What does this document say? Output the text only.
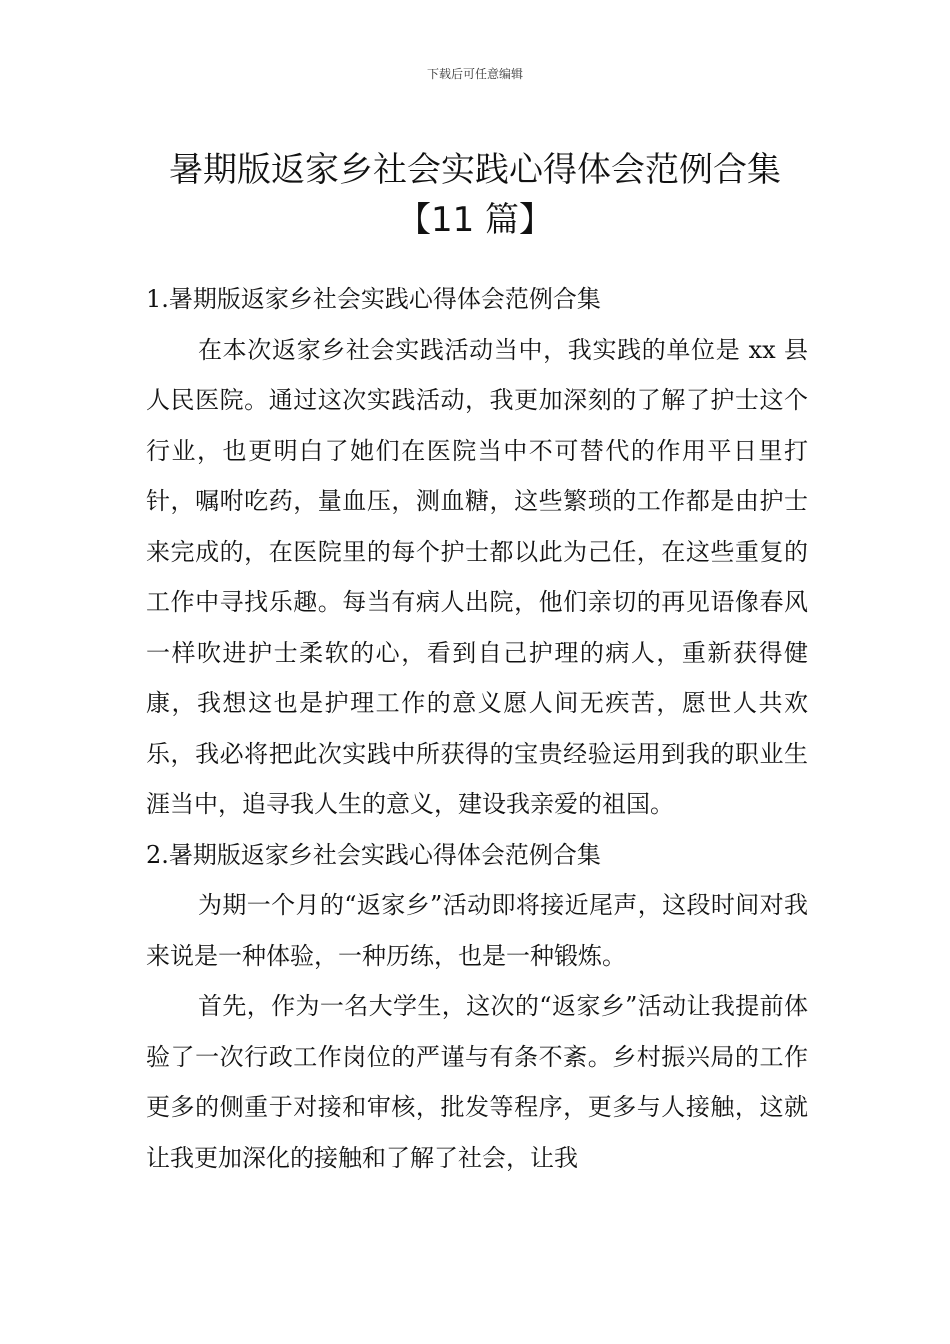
下载后可任意编辑
暑期版返家乡社会实践心得体会范例合集
【11 篇】

1.暑期版返家乡社会实践心得体会范例合集

在本次返家乡社会实践活动当中，我实践的单位是 xx 县人民医院。通过这次实践活动，我更加深刻的了解了护士这个行业，也更明白了她们在医院当中不可替代的作用平日里打针，嘱咐吃药，量血压，测血糖，这些繁琐的工作都是由护士来完成的，在医院里的每个护士都以此为己任，在这些重复的工作中寻找乐趣。每当有病人出院，他们亲切的再见语像春风一样吹进护士柔软的心，看到自己护理的病人，重新获得健康，我想这也是护理工作的意义愿人间无疾苦，愿世人共欢乐，我必将把此次实践中所获得的宝贵经验运用到我的职业生涯当中，追寻我人生的意义，建设我亲爱的祖国。

2.暑期版返家乡社会实践心得体会范例合集

为期一个月的“返家乡”活动即将接近尾声，这段时间对我来说是一种体验，一种历练，也是一种锻炼。

首先，作为一名大学生，这次的“返家乡”活动让我提前体验了一次行政工作岗位的严谨与有条不紊。乡村振兴局的工作更多的侧重于对接和审核，批发等程序，更多与人接触，这就让我更加深化的接触和了解了社会，让我
